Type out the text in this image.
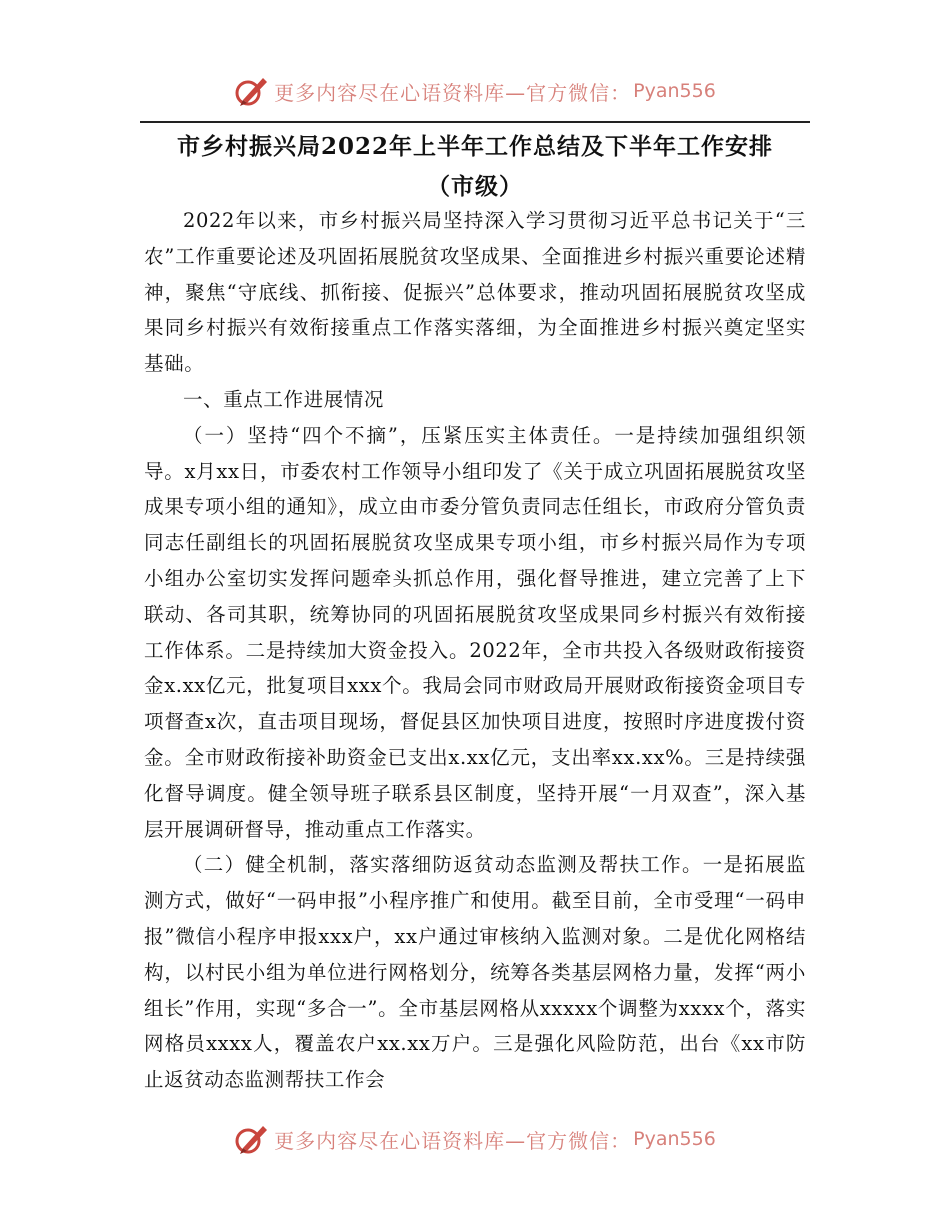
更多内容尽在心语资料库—官方微信： Pyan556
市乡村振兴局2022年上半年工作总结及下半年工作安排
（市级）

2022年以来，市乡村振兴局坚持深入学习贯彻习近平总书记关于“三农”工作重要论述及巩固拓展脱贫攻坚成果、全面推进乡村振兴重要论述精神，聚焦“守底线、抓衔接、促振兴”总体要求，推动巩固拓展脱贫攻坚成果同乡村振兴有效衔接重点工作落实落细，为全面推进乡村振兴奠定坚实基础。

一、重点工作进展情况

（一）坚持“四个不摘”，压紧压实主体责任。一是持续加强组织领导。x月xx日，市委农村工作领导小组印发了《关于成立巩固拓展脱贫攻坚成果专项小组的通知》，成立由市委分管负责同志任组长，市政府分管负责同志任副组长的巩固拓展脱贫攻坚成果专项小组，市乡村振兴局作为专项小组办公室切实发挥问题牵头抓总作用，强化督导推进，建立完善了上下联动、各司其职，统筹协同的巩固拓展脱贫攻坚成果同乡村振兴有效衔接工作体系。二是持续加大资金投入。2022年，全市共投入各级财政衔接资金x.xx亿元，批复项目xxx个。我局会同市财政局开展财政衔接资金项目专项督查x次，直击项目现场，督促县区加快项目进度，按照时序进度拨付资金。全市财政衔接补助资金已支出x.xx亿元，支出率xx.xx%。三是持续强化督导调度。健全领导班子联系县区制度，坚持开展“一月双查”，深入基层开展调研督导，推动重点工作落实。

（二）健全机制，落实落细防返贫动态监测及帮扶工作。一是拓展监测方式，做好“一码申报”小程序推广和使用。截至目前，全市受理“一码申报”微信小程序申报xxx户，xx户通过审核纳入监测对象。二是优化网格结构，以村民小组为单位进行网格划分，统筹各类基层网格力量，发挥“两小组长”作用，实现“多合一”。全市基层网格从xxxxx个调整为xxxx个，落实网格员xxxx人，覆盖农户xx.xx万户。三是强化风险防范，出台《xx市防止返贫动态监测帮扶工作会

更多内容尽在心语资料库—官方微信： Pyan556
